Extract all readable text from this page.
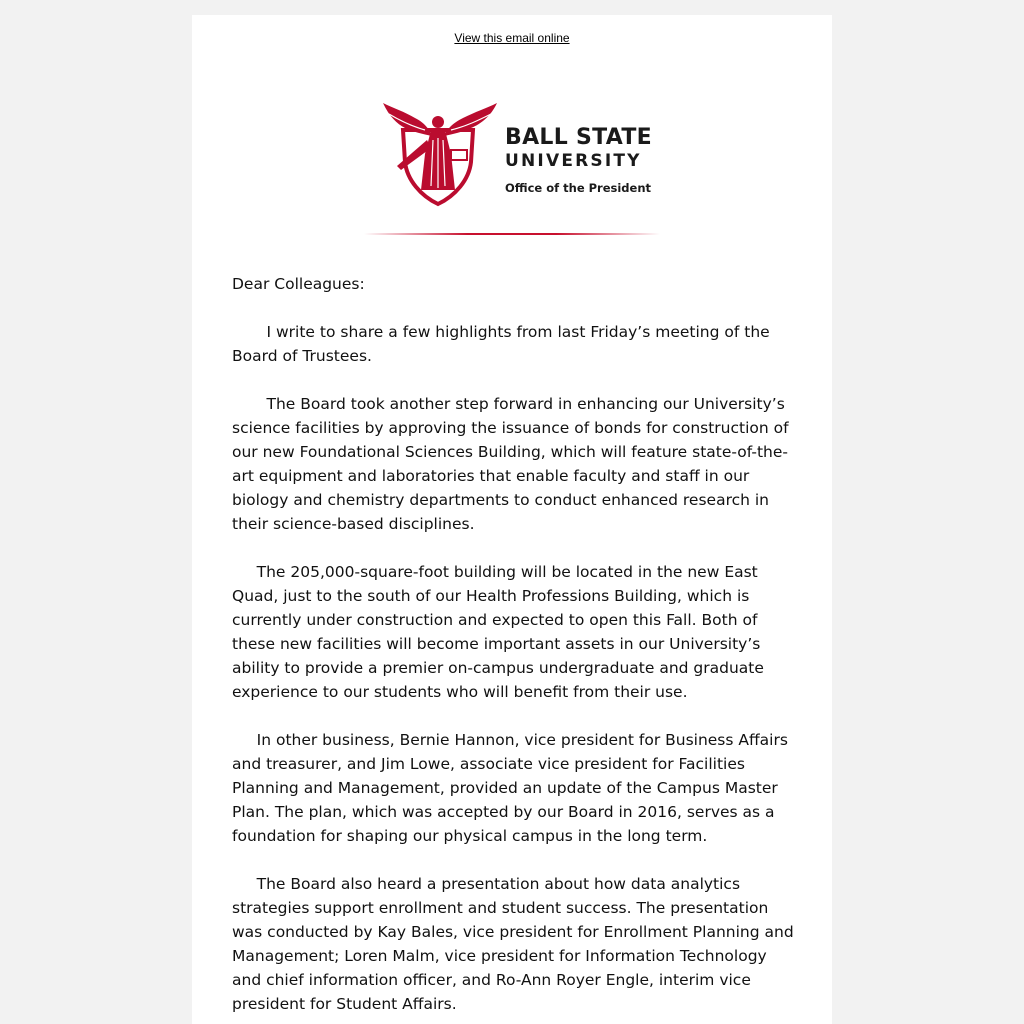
View this email online
BALL STATE
UNIVERSITY
Office of the President

Dear Colleagues:

I write to share a few highlights from last Friday’s meeting of the Board of Trustees.

The Board took another step forward in enhancing our University’s science facilities by approving the issuance of bonds for construction of our new Foundational Sciences Building, which will feature state-of-the-art equipment and laboratories that enable faculty and staff in our biology and chemistry departments to conduct enhanced research in their science-based disciplines.

The 205,000-square-foot building will be located in the new East Quad, just to the south of our Health Professions Building, which is currently under construction and expected to open this Fall. Both of these new facilities will become important assets in our University’s ability to provide a premier on-campus undergraduate and graduate experience to our students who will benefit from their use.

In other business, Bernie Hannon, vice president for Business Affairs and treasurer, and Jim Lowe, associate vice president for Facilities Planning and Management, provided an update of the Campus Master Plan. The plan, which was accepted by our Board in 2016, serves as a foundation for shaping our physical campus in the long term.

The Board also heard a presentation about how data analytics strategies support enrollment and student success. The presentation was conducted by Kay Bales, vice president for Enrollment Planning and Management; Loren Malm, vice president for Information Technology and chief information officer, and Ro-Ann Royer Engle, interim vice president for Student Affairs.
